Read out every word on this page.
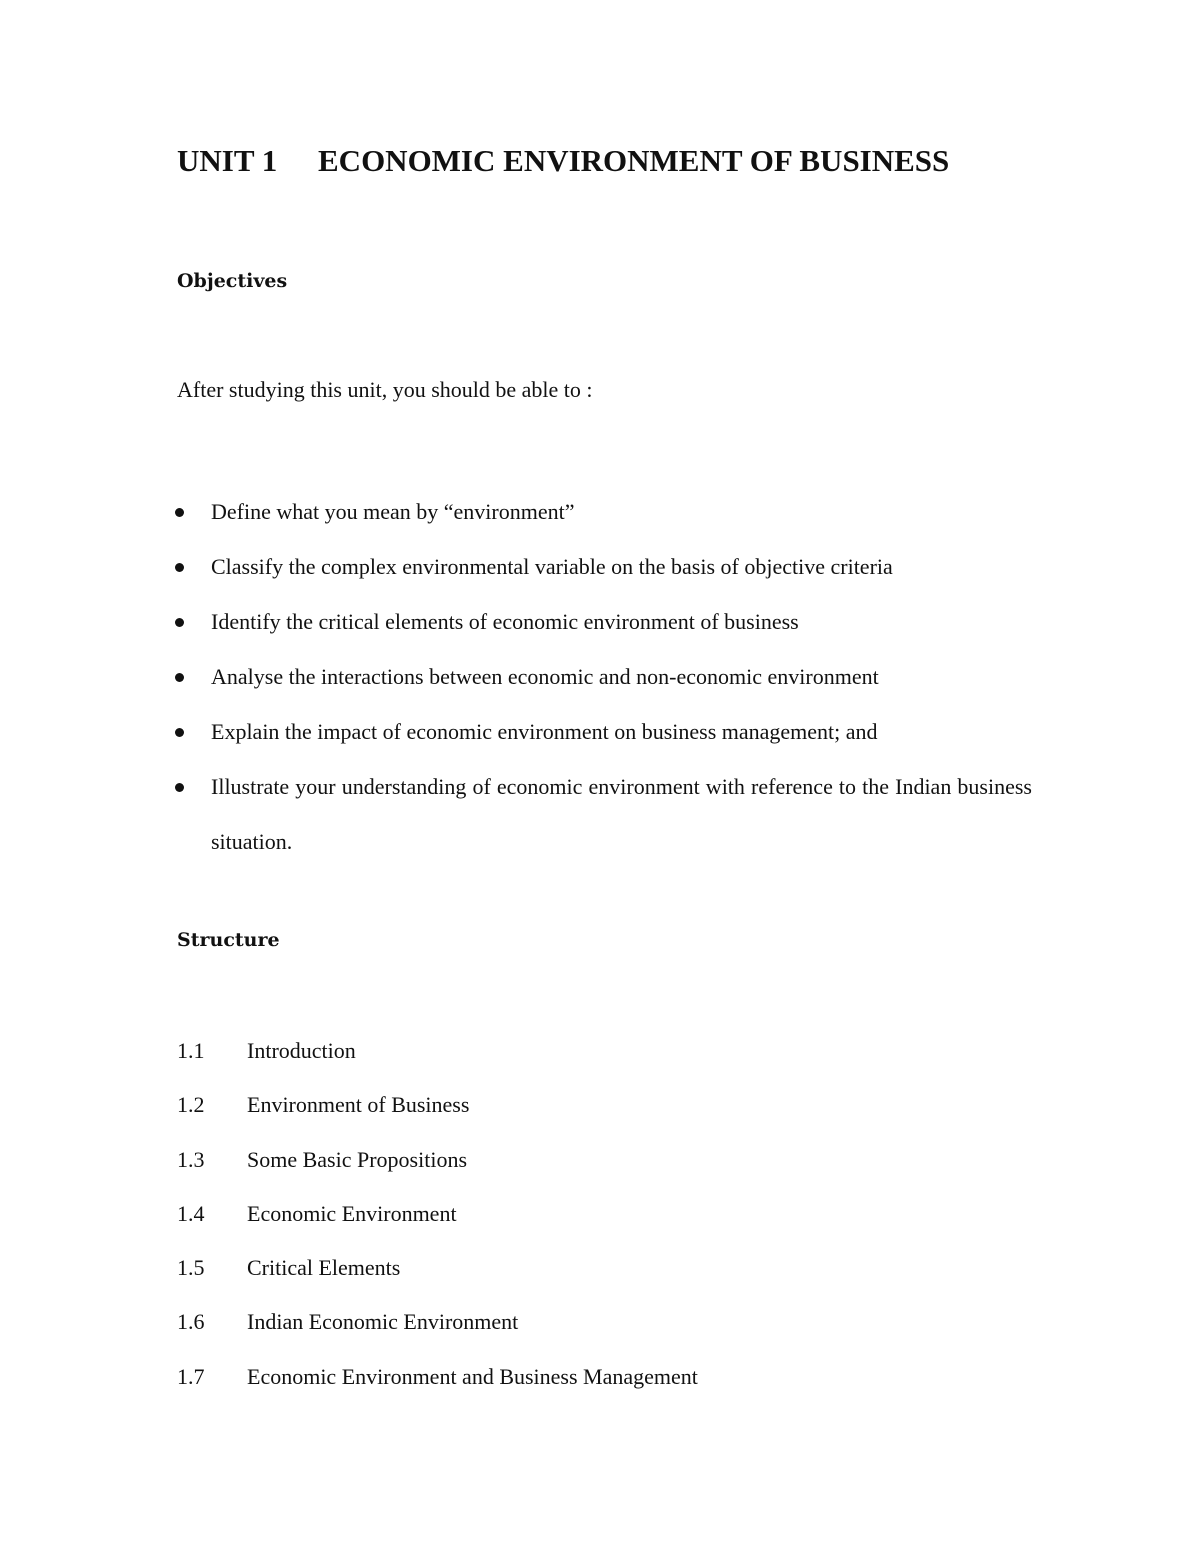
UNIT 1 ECONOMIC ENVIRONMENT OF BUSINESS
Objectives

After studying this unit, you should be able to :

Define what you mean by “environment”
Classify the complex environmental variable on the basis of objective criteria
Identify the critical elements of economic environment of business
Analyse the interactions between economic and non-economic environment
Explain the impact of economic environment on business management; and
Illustrate your understanding of economic environment with reference to the Indian business situation.
Structure
1.1	Introduction
1.2	Environment of Business
1.3	Some Basic Propositions
1.4	Economic Environment
1.5	Critical Elements
1.6	Indian Economic Environment
1.7	Economic Environment and Business Management
